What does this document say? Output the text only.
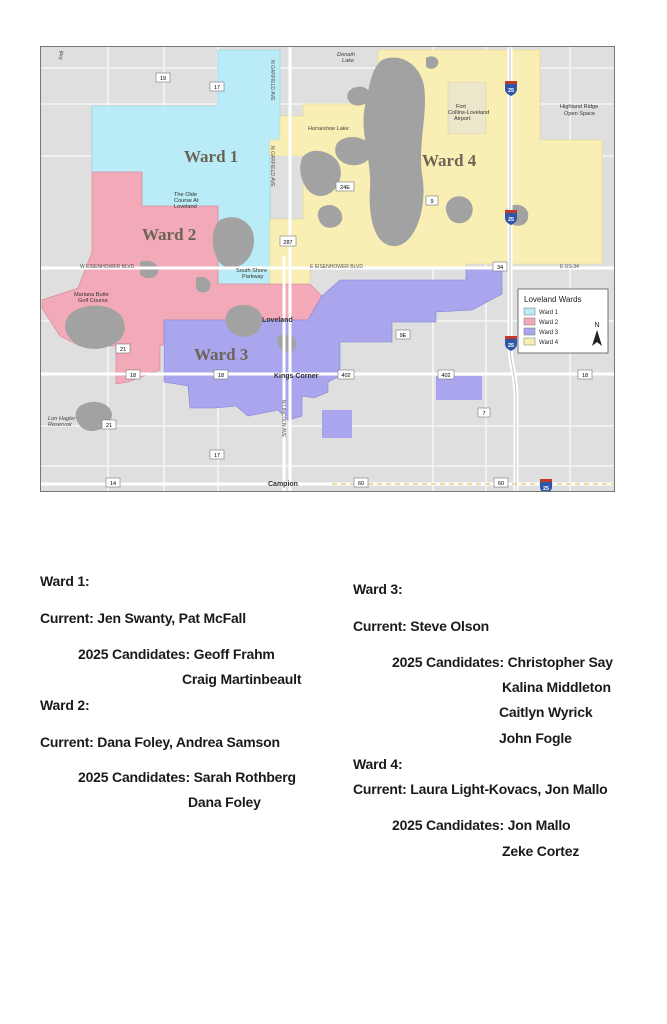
Ward 1
Ward 2
Ward 3
Ward 4
Donath Lake
Horseshoe Lake
Lon Hagler Reservoir
Indi
Highland Ridge Open Space
Fort Collins-Loveland Airport
The Olde Course At Loveland
South Shore Parkway
Mariana Butte Golf Course
Loveland
Kings Corner
Campion
N GARFIELD AVE
N GARFIELD AVE
N LINCOLN AVE
W EISENHOWER BLVD	E EISENHOWER BLVD	E US-34
19
17
24E
9
287
34
9E
21
18	18	402	402	18
7
21
17
14	60	60
25
25
25
25
Loveland Wards
Ward 1
Ward 2
Ward 3
Ward 4
N
Ward 1:
Current: Jen Swanty, Pat McFall
2025 Candidates: Geoff Frahm
Craig Martinbeault
Ward 2:
Current: Dana Foley, Andrea Samson
2025 Candidates: Sarah Rothberg
Dana Foley
Ward 3:
Current: Steve Olson
2025 Candidates: Christopher Say
Kalina Middleton
Caitlyn Wyrick
John Fogle
Ward 4:
Current: Laura Light-Kovacs, Jon Mallo
2025 Candidates: Jon Mallo
Zeke Cortez
